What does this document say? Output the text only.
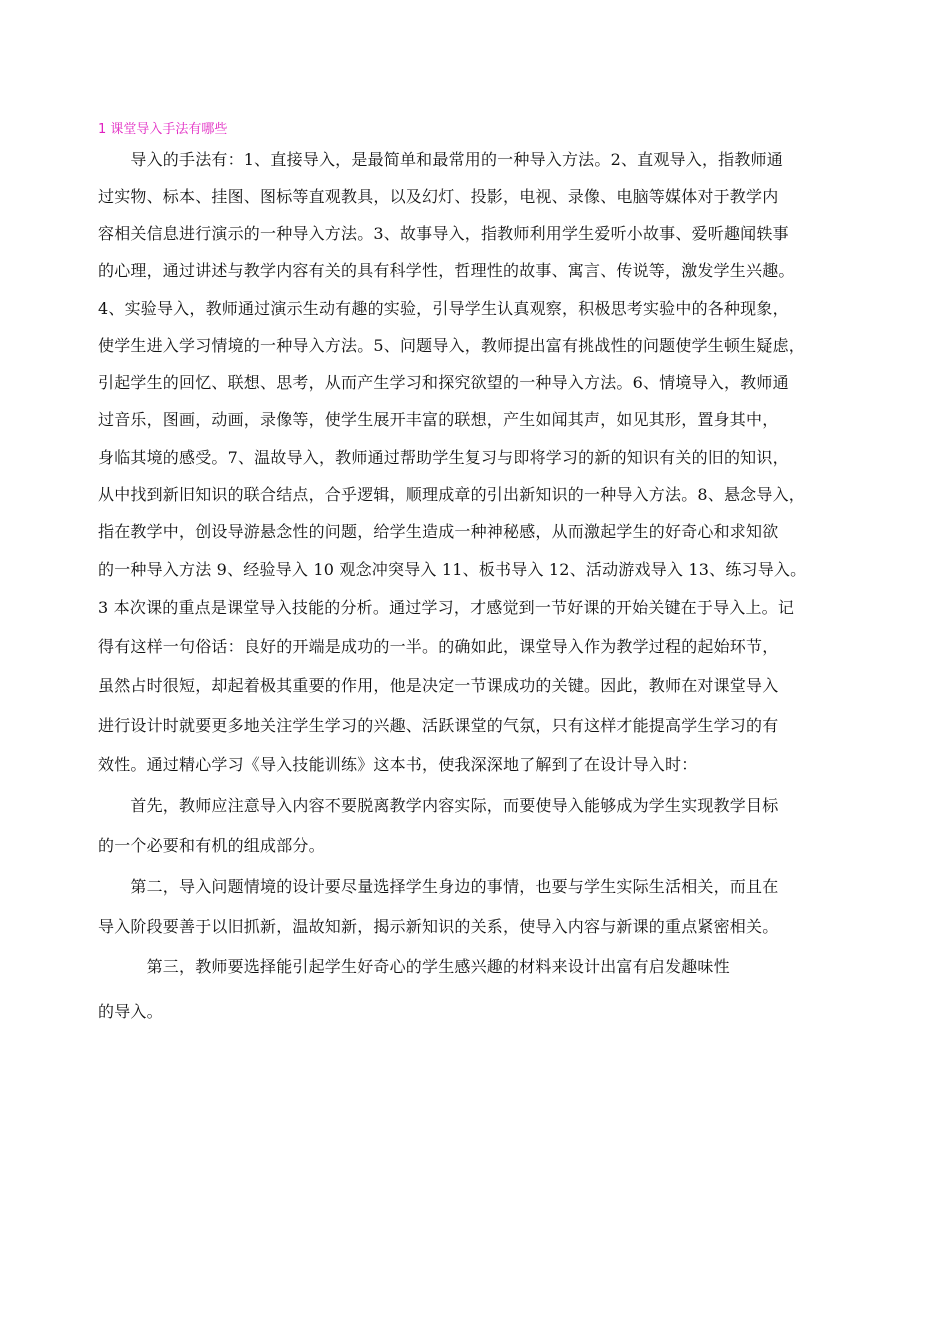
1 课堂导入手法有哪些
　　导入的手法有：1、直接导入，是最简单和最常用的一种导入方法。2、直观导入，指教师通
过实物、标本、挂图、图标等直观教具，以及幻灯、投影，电视、录像、电脑等媒体对于教学内
容相关信息进行演示的一种导入方法。3、故事导入，指教师利用学生爱听小故事、爱听趣闻轶事
的心理，通过讲述与教学内容有关的具有科学性，哲理性的故事、寓言、传说等，激发学生兴趣。
4、实验导入，教师通过演示生动有趣的实验，引导学生认真观察，积极思考实验中的各种现象，
使学生进入学习情境的一种导入方法。5、问题导入，教师提出富有挑战性的问题使学生顿生疑虑，
引起学生的回忆、联想、思考，从而产生学习和探究欲望的一种导入方法。6、情境导入，教师通
过音乐，图画，动画，录像等，使学生展开丰富的联想，产生如闻其声，如见其形，置身其中，
身临其境的感受。7、温故导入，教师通过帮助学生复习与即将学习的新的知识有关的旧的知识，
从中找到新旧知识的联合结点，合乎逻辑，顺理成章的引出新知识的一种导入方法。8、悬念导入，
指在教学中，创设导游悬念性的问题，给学生造成一种神秘感，从而激起学生的好奇心和求知欲
的一种导入方法 9、经验导入 10 观念冲突导入 11、板书导入 12、活动游戏导入 13、练习导入。
3 本次课的重点是课堂导入技能的分析。通过学习，才感觉到一节好课的开始关键在于导入上。记
得有这样一句俗话：良好的开端是成功的一半。的确如此，课堂导入作为教学过程的起始环节，
虽然占时很短，却起着极其重要的作用，他是决定一节课成功的关键。因此，教师在对课堂导入
进行设计时就要更多地关注学生学习的兴趣、活跃课堂的气氛，只有这样才能提高学生学习的有
效性。通过精心学习《导入技能训练》这本书，使我深深地了解到了在设计导入时：
　　首先，教师应注意导入内容不要脱离教学内容实际，而要使导入能够成为学生实现教学目标
的一个必要和有机的组成部分。
　　第二，导入问题情境的设计要尽量选择学生身边的事情，也要与学生实际生活相关，而且在
导入阶段要善于以旧抓新，温故知新，揭示新知识的关系，使导入内容与新课的重点紧密相关。
　　　第三，教师要选择能引起学生好奇心的学生感兴趣的材料来设计出富有启发趣味性
的导入。
